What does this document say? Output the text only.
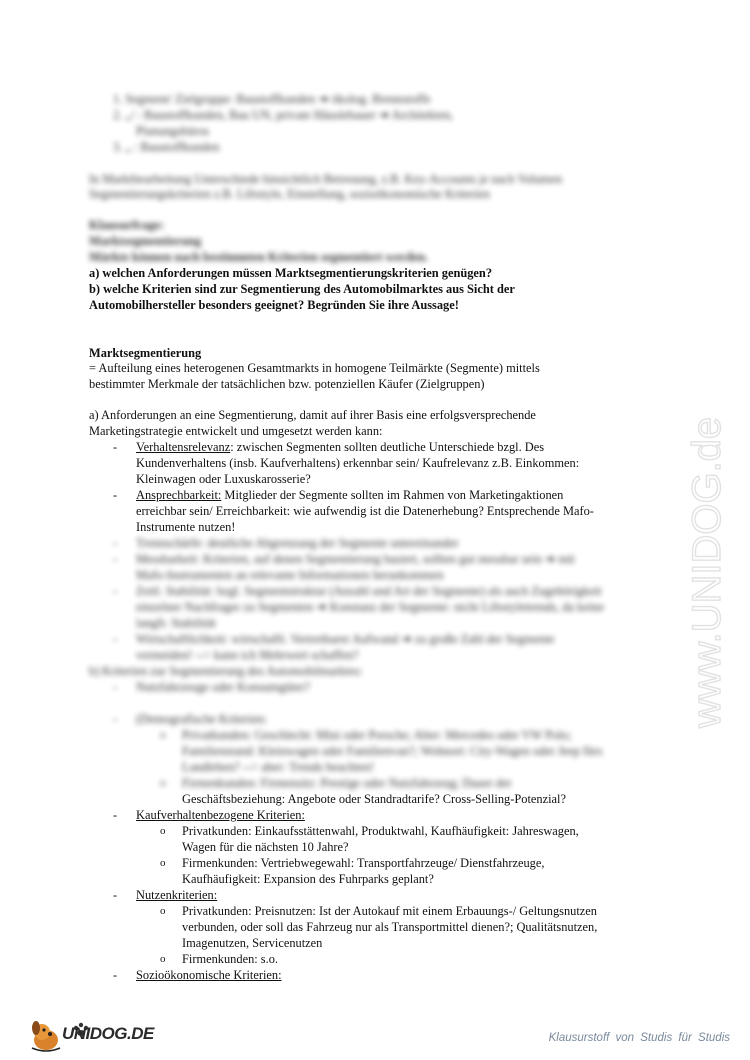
1. Segment/ Zielgruppe: Baustoffkunden ➔ ökolog. Brennstoffe
2. „/ : Baustoffkunden, Bau UN, private Häuslebauer ➔ Architekten,
Planungsbüros
3. „ : Baustoffkunden
In Marktbearbeitung Unterschiede hinsichtlich Betreuung, z.B. Key-Accounts je nach Volumen
Segmentierungskriterien z.B. Lifestyle, Einstellung, sozioökonomische Kriterien
Klausurfrage:
Marktsegmentierung
Märkte können nach bestimmten Kriterien segmentiert werden.
a) welchen Anforderungen müssen Marktsegmentierungskriterien genügen?
b) welche Kriterien sind zur Segmentierung des Automobilmarktes aus Sicht der
Automobilhersteller besonders geeignet? Begründen Sie ihre Aussage!
Marktsegmentierung
= Aufteilung eines heterogenen Gesamtmarkts in homogene Teilmärkte (Segmente) mittels
bestimmter Merkmale der tatsächlichen bzw. potenziellen Käufer (Zielgruppen)
a) Anforderungen an eine Segmentierung, damit auf ihrer Basis eine erfolgsversprechende
Marketingstrategie entwickelt und umgesetzt werden kann:
- Verhaltensrelevanz: zwischen Segmenten sollten deutliche Unterschiede bzgl. Des
Kundenverhaltens (insb. Kaufverhaltens) erkennbar sein/ Kaufrelevanz z.B. Einkommen:
Kleinwagen oder Luxuskarosserie?
- Ansprechbarkeit: Mitglieder der Segmente sollten im Rahmen von Marketingaktionen
erreichbar sein/ Erreichbarkeit: wie aufwendig ist die Datenerhebung? Entsprechende Mafo-
Instrumente nutzen!
- Trennschärfe: deutliche Abgrenzung der Segmente untereinander
- Messbarkeit: Kriterien, auf denen Segmentierung basiert, sollten gut messbar sein ➔ mit
Mafo-Instrumenten an relevante Informationen herankommen
- Zeitl. Stabilität: bzgl. Segmentstruktur (Anzahl und Art der Segmente) als auch Zugehörigkeit
einzelner Nachfrager zu Segmenten ➔ Konstanz der Segmente: nicht Lifestyletrends, da keine
langfr. Stabilität
- Wirtschaftlichkeit: wirtschaftl. Vertretbarer Aufwand ➔ zu große Zahl der Segmente
vermeiden! --> kann ich Mehrwert schaffen?
b) Kriterien zur Segmentierung des Automobilmarktes:
- Nutzfahrzeuge oder Konsumgüter?
- (Demografische Kriterien:
o Privatkunden: Geschlecht: Mini oder Porsche; Alter: Mercedes oder VW Polo;
Familienstand: Kleinwagen oder Familienvan?; Wohnort: City-Wagen oder Jeep fürs
Landleben? --> aber: Trends beachten!
o Firmenkunden: Firmensitz: Prestige oder Nutzfahrzeug; Dauer der
Geschäftsbeziehung: Angebote oder Standradtarife? Cross-Selling-Potenzial?
- Kaufverhaltenbezogene Kriterien:
o Privatkunden: Einkaufsstättenwahl, Produktwahl, Kaufhäufigkeit: Jahreswagen,
Wagen für die nächsten 10 Jahre?
o Firmenkunden: Vertriebwegewahl: Transportfahrzeuge/ Dienstfahrzeuge,
Kaufhäufigkeit: Expansion des Fuhrparks geplant?
- Nutzenkriterien:
o Privatkunden: Preisnutzen: Ist der Autokauf mit einem Erbauungs-/ Geltungsnutzen
verbunden, oder soll das Fahrzeug nur als Transportmittel dienen?; Qualitätsnutzen,
Imagenutzen, Servicenutzen
o Firmenkunden: s.o.
- Sozioökonomische Kriterien:
www.UNIDOG.de
UNIDOG.DE	Klausurstoff von Studis für Studis
